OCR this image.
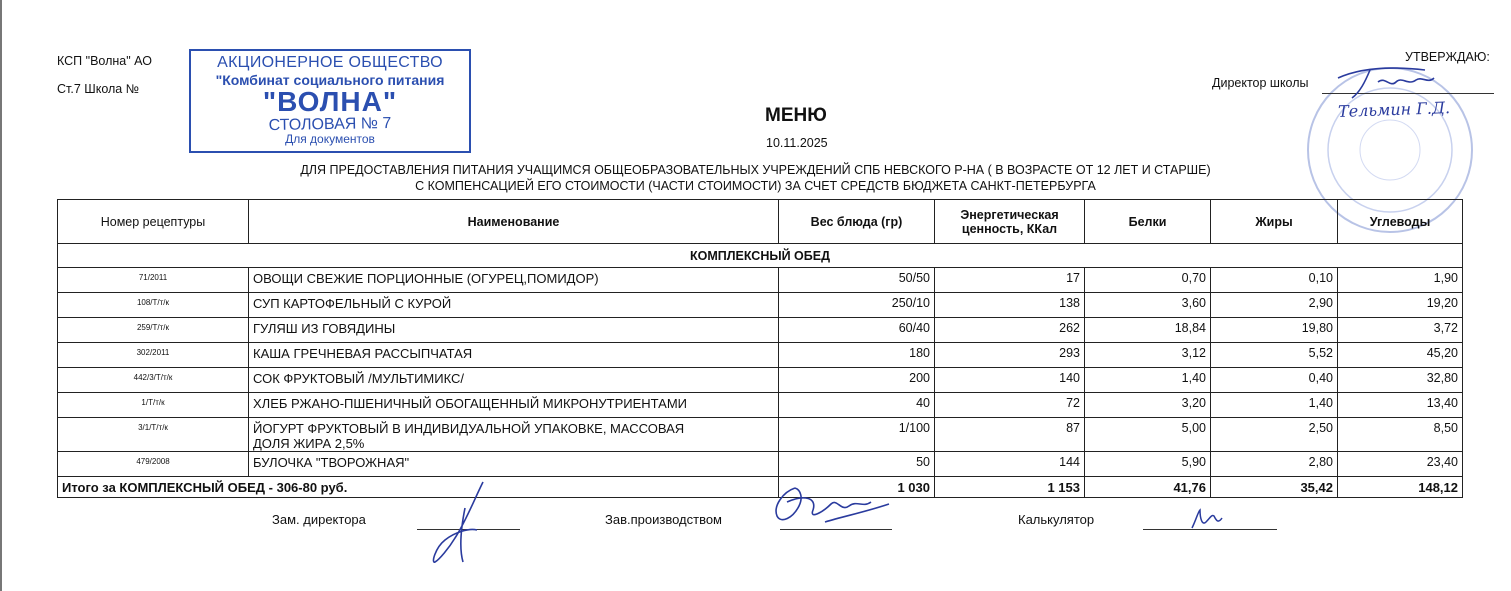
КСП "Волна" АО
Ст.7 Школа №
АКЦИОНЕРНОЕ ОБЩЕСТВО
"Комбинат социального питания
"ВОЛНА"
СТОЛОВАЯ № 7
Для документов
УТВЕРЖДАЮ:
Директор школы
Тельмин Г.Д.
МЕНЮ
10.11.2025
ДЛЯ ПРЕДОСТАВЛЕНИЯ ПИТАНИЯ УЧАЩИМСЯ ОБЩЕОБРАЗОВАТЕЛЬНЫХ УЧРЕЖДЕНИЙ СПБ НЕВСКОГО Р-НА ( В ВОЗРАСТЕ ОТ 12 ЛЕТ И СТАРШЕ)
С КОМПЕНСАЦИЕЙ ЕГО СТОИМОСТИ (ЧАСТИ СТОИМОСТИ) ЗА СЧЕТ СРЕДСТВ БЮДЖЕТА САНКТ-ПЕТЕРБУРГА
Номер рецептуры	Наименование	Вес блюда (гр)	Энергетическая ценность, ККал	Белки	Жиры	Углеводы
КОМПЛЕКСНЫЙ ОБЕД						
71/2011	ОВОЩИ СВЕЖИЕ ПОРЦИОННЫЕ (ОГУРЕЦ,ПОМИДОР)	50/50	17	0,70	0,10	1,90
108/Т/т/к	СУП КАРТОФЕЛЬНЫЙ С КУРОЙ	250/10	138	3,60	2,90	19,20
259/Т/т/к	ГУЛЯШ ИЗ ГОВЯДИНЫ	60/40	262	18,84	19,80	3,72
302/2011	КАША ГРЕЧНЕВАЯ РАССЫПЧАТАЯ	180	293	3,12	5,52	45,20
442/3/Т/т/к	СОК ФРУКТОВЫЙ /МУЛЬТИМИКС/	200	140	1,40	0,40	32,80
1/Т/т/к	ХЛЕБ РЖАНО-ПШЕНИЧНЫЙ ОБОГАЩЕННЫЙ МИКРОНУТРИЕНТАМИ	40	72	3,20	1,40	13,40
3/1/Т/т/к	ЙОГУРТ ФРУКТОВЫЙ В ИНДИВИДУАЛЬНОЙ УПАКОВКЕ, МАССОВАЯ ДОЛЯ ЖИРА 2,5%	1/100	87	5,00	2,50	8,50
479/2008	БУЛОЧКА "ТВОРОЖНАЯ"	50	144	5,90	2,80	23,40
Итого за КОМПЛЕКСНЫЙ ОБЕД - 306-80 руб.		1 030	1 153	41,76	35,42	148,12
Зам. директора	Зав.производством	Калькулятор
